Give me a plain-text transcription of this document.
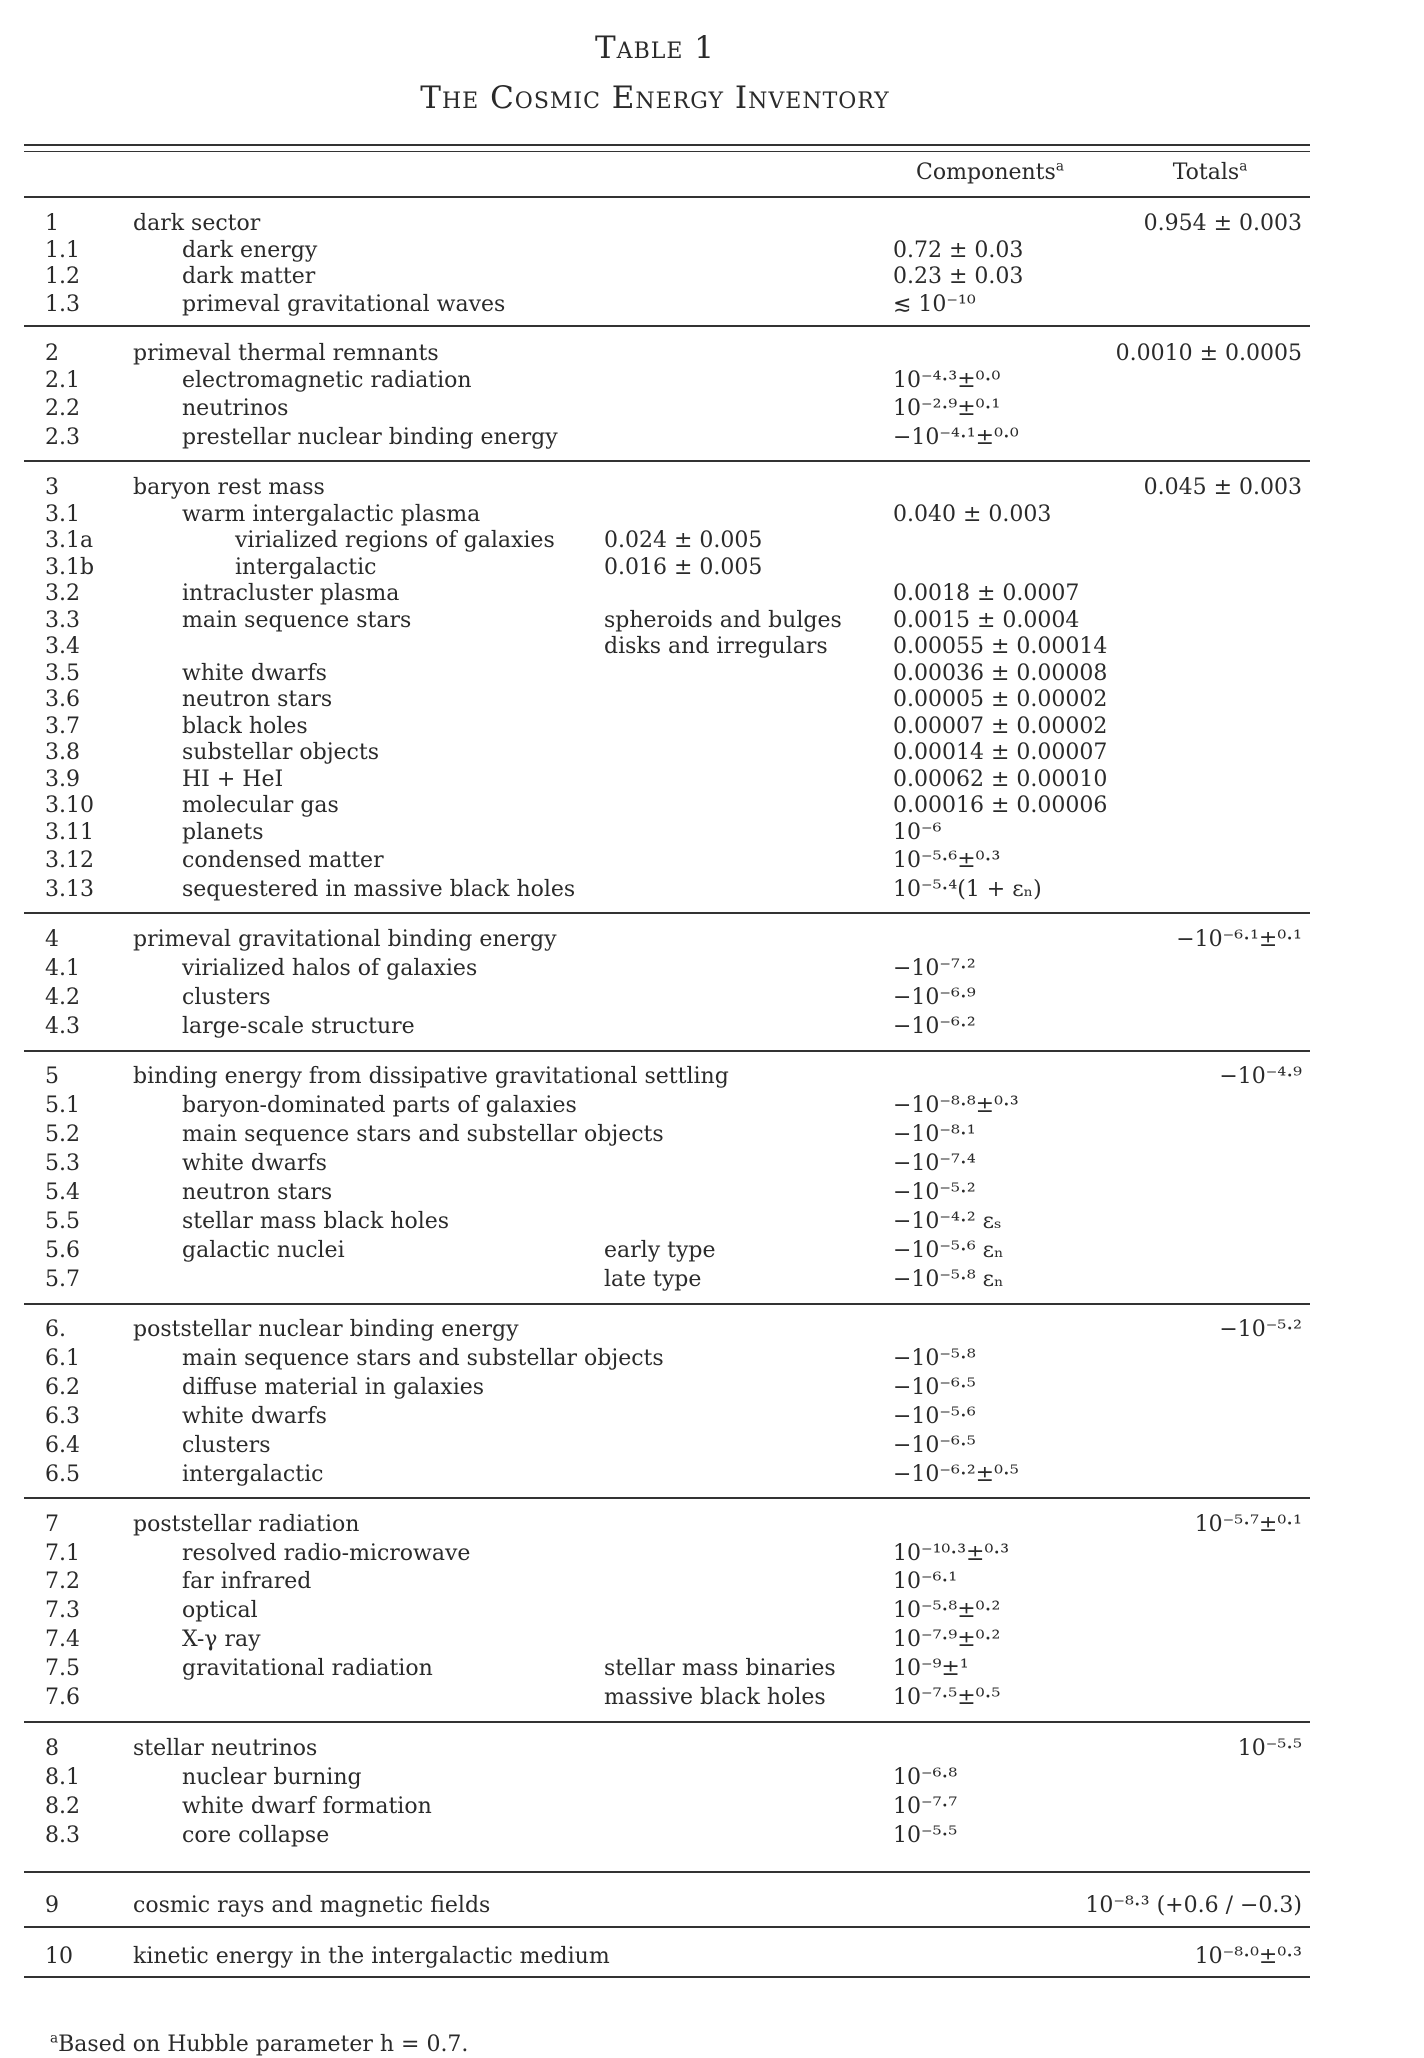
Table 1
The Cosmic Energy Inventory
Components$^a$	Totals$^a$
1	dark sector	0.954 ± 0.003
1.1	dark energy	0.72 ± 0.03
1.2	dark matter	0.23 ± 0.03
1.3	primeval gravitational waves	≲ 10⁻¹⁰
2	primeval thermal remnants	0.0010 ± 0.0005
2.1	electromagnetic radiation	10⁻⁴·³±⁰·⁰
2.2	neutrinos	10⁻²·⁹±⁰·¹
2.3	prestellar nuclear binding energy	−10⁻⁴·¹±⁰·⁰
3	baryon rest mass	0.045 ± 0.003
3.1	warm intergalactic plasma	0.040 ± 0.003
3.1a	virialized regions of galaxies 0.024 ± 0.005
3.1b	intergalactic	0.016 ± 0.005
3.2	intracluster plasma	0.0018 ± 0.0007
3.3	main sequence stars	spheroids and bulges 0.0015 ± 0.0004
3.4	disks and irregulars	0.00055 ± 0.00014
3.5	white dwarfs	0.00036 ± 0.00008
3.6	neutron stars	0.00005 ± 0.00002
3.7	black holes	0.00007 ± 0.00002
3.8	substellar objects	0.00014 ± 0.00007
3.9	HI + HeI	0.00062 ± 0.00010
3.10	molecular gas	0.00016 ± 0.00006
3.11	planets	10⁻⁶
3.12	condensed matter	10⁻⁵·⁶±⁰·³
3.13	sequestered in massive black holes	10⁻⁵·⁴(1 + εₙ)
4	primeval gravitational binding energy	−10⁻⁶·¹±⁰·¹
4.1	virialized halos of galaxies	−10⁻⁷·²
4.2	clusters	−10⁻⁶·⁹
4.3	large-scale structure	−10⁻⁶·²
5	binding energy from dissipative gravitational settling	−10⁻⁴·⁹
5.1	baryon-dominated parts of galaxies	−10⁻⁸·⁸±⁰·³
5.2	main sequence stars and substellar objects	−10⁻⁸·¹
5.3	white dwarfs	−10⁻⁷·⁴
5.4	neutron stars	−10⁻⁵·²
5.5	stellar mass black holes	−10⁻⁴·² εₛ
5.6	galactic nuclei	early type	−10⁻⁵·⁶ εₙ
5.7	late type	−10⁻⁵·⁸ εₙ
6.	poststellar nuclear binding energy	−10⁻⁵·²
6.1	main sequence stars and substellar objects	−10⁻⁵·⁸
6.2	diffuse material in galaxies	−10⁻⁶·⁵
6.3	white dwarfs	−10⁻⁵·⁶
6.4	clusters	−10⁻⁶·⁵
6.5	intergalactic	−10⁻⁶·²±⁰·⁵
7	poststellar radiation	10⁻⁵·⁷±⁰·¹
7.1	resolved radio-microwave	10⁻¹⁰·³±⁰·³
7.2	far infrared	10⁻⁶·¹
7.3	optical	10⁻⁵·⁸±⁰·²
7.4	X-γ ray	10⁻⁷·⁹±⁰·²
7.5	gravitational radiation	stellar mass binaries	10⁻⁹±¹
7.6	massive black holes	10⁻⁷·⁵±⁰·⁵
8	stellar neutrinos	10⁻⁵·⁵
8.1	nuclear burning	10⁻⁶·⁸
8.2	white dwarf formation	10⁻⁷·⁷
8.3	core collapse	10⁻⁵·⁵
9	cosmic rays and magnetic fields	10⁻⁸·³ (+0.6 / −0.3)
10	kinetic energy in the intergalactic medium	10⁻⁸·⁰±⁰·³
$^a$Based on Hubble parameter h = 0.7.
